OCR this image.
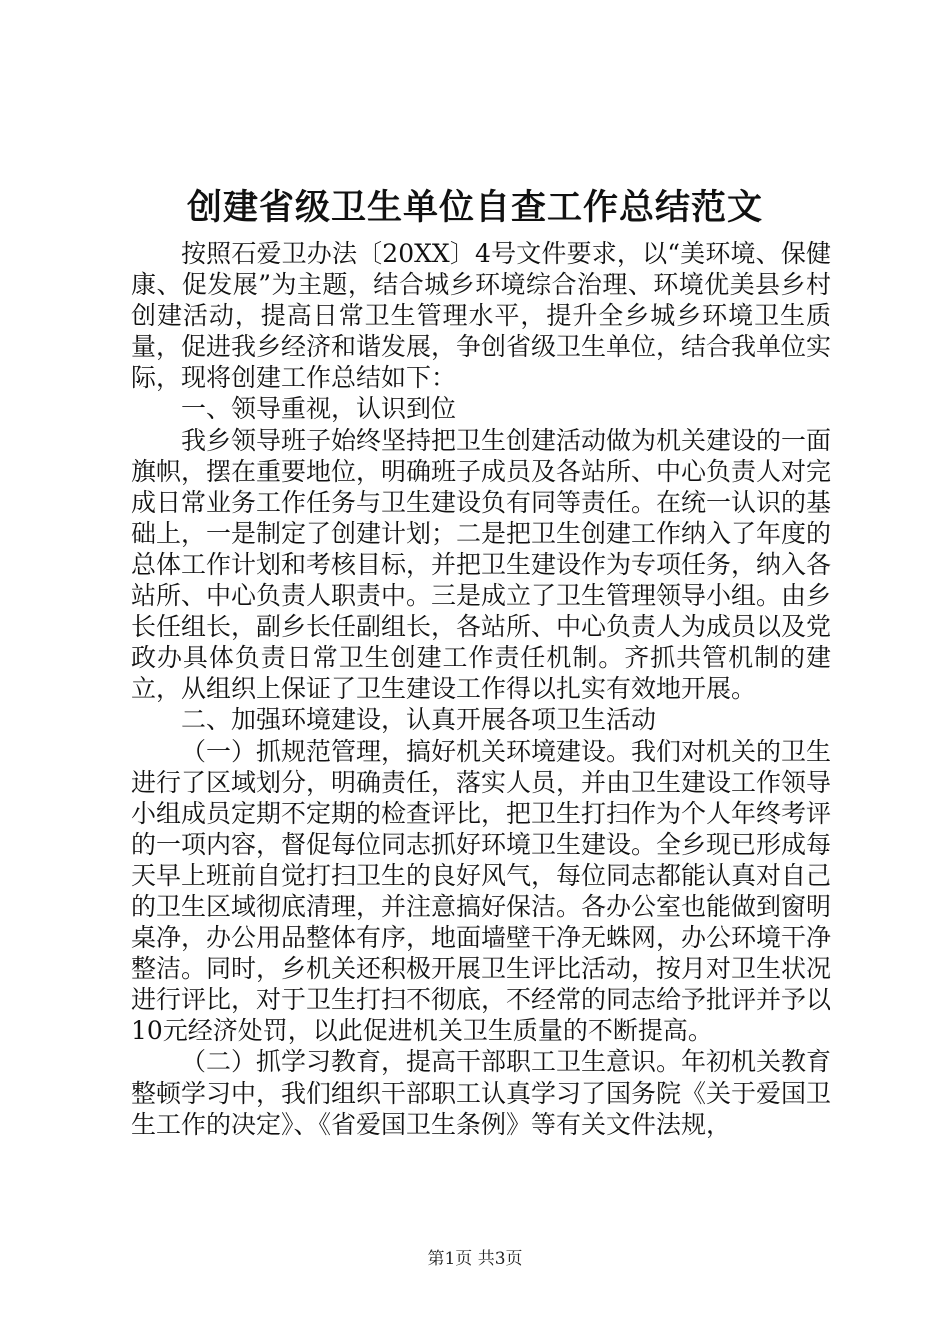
创建省级卫生单位自查工作总结范文

按照石爱卫办法〔20XX〕4号文件要求，以“美环境、保健康、促发展”为主题，结合城乡环境综合治理、环境优美县乡村创建活动，提高日常卫生管理水平，提升全乡城乡环境卫生质量，促进我乡经济和谐发展，争创省级卫生单位，结合我单位实际，现将创建工作总结如下：

一、领导重视，认识到位

我乡领导班子始终坚持把卫生创建活动做为机关建设的一面旗帜，摆在重要地位，明确班子成员及各站所、中心负责人对完成日常业务工作任务与卫生建设负有同等责任。在统一认识的基础上，一是制定了创建计划；二是把卫生创建工作纳入了年度的总体工作计划和考核目标，并把卫生建设作为专项任务，纳入各站所、中心负责人职责中。三是成立了卫生管理领导小组。由乡长任组长，副乡长任副组长，各站所、中心负责人为成员以及党政办具体负责日常卫生创建工作责任机制。齐抓共管机制的建立，从组织上保证了卫生建设工作得以扎实有效地开展。

二、加强环境建设，认真开展各项卫生活动

（一）抓规范管理，搞好机关环境建设。我们对机关的卫生进行了区域划分，明确责任，落实人员，并由卫生建设工作领导小组成员定期不定期的检查评比，把卫生打扫作为个人年终考评的一项内容，督促每位同志抓好环境卫生建设。全乡现已形成每天早上班前自觉打扫卫生的良好风气，每位同志都能认真对自己的卫生区域彻底清理，并注意搞好保洁。各办公室也能做到窗明桌净，办公用品整体有序，地面墙壁干净无蛛网，办公环境干净整洁。同时，乡机关还积极开展卫生评比活动，按月对卫生状况进行评比，对于卫生打扫不彻底，不经常的同志给予批评并予以10元经济处罚，以此促进机关卫生质量的不断提高。

（二）抓学习教育，提高干部职工卫生意识。年初机关教育整顿学习中，我们组织干部职工认真学习了国务院《关于爱国卫生工作的决定》、《省爱国卫生条例》等有关文件法规，

第1页 共3页
